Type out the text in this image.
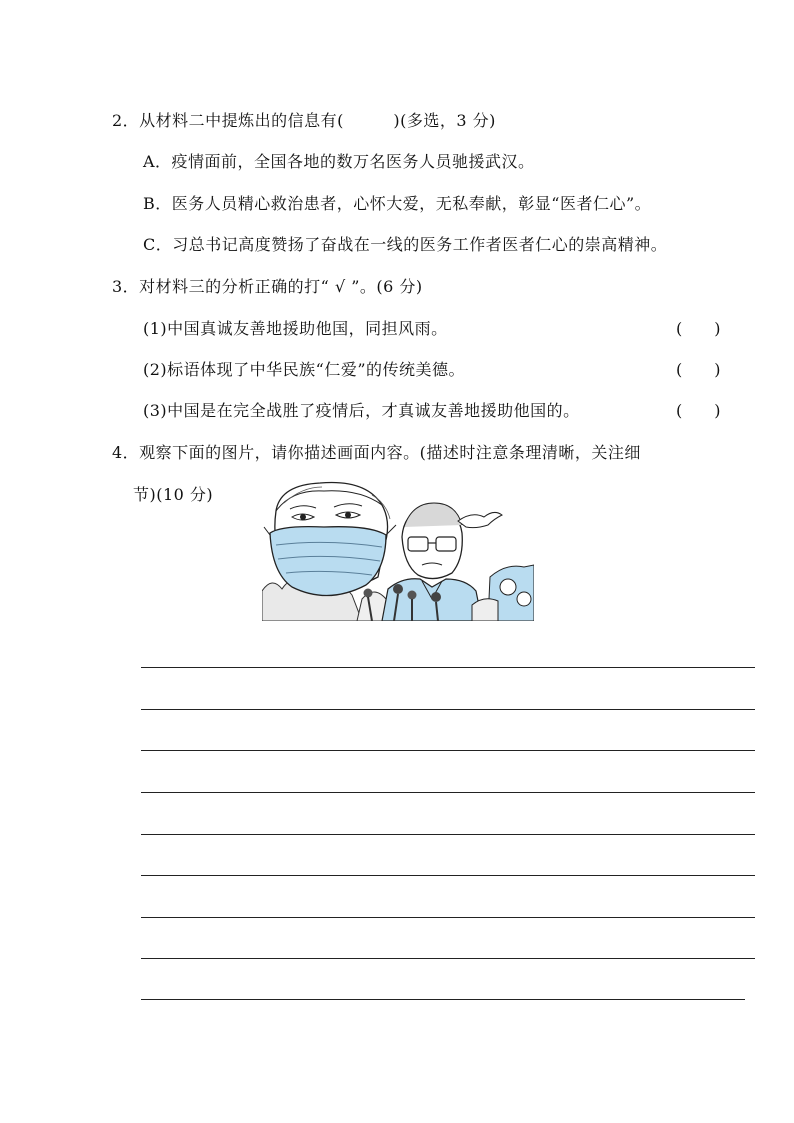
2．从材料二中提炼出的信息有(　　　)(多选，3 分)
A．疫情面前，全国各地的数万名医务人员驰援武汉。
B．医务人员精心救治患者，心怀大爱，无私奉献，彰显“医者仁心”。
C．习总书记高度赞扬了奋战在一线的医务工作者医者仁心的崇高精神。
3．对材料三的分析正确的打“ √ ”。(6 分)
(1)中国真诚友善地援助他国，同担风雨。	(　　)
(2)标语体现了中华民族“仁爱”的传统美德。	(　　)
(3)中国是在完全战胜了疫情后，才真诚友善地援助他国的。	(　　)
4．观察下面的图片，请你描述画面内容。(描述时注意条理清晰，关注细
节)(10 分)
